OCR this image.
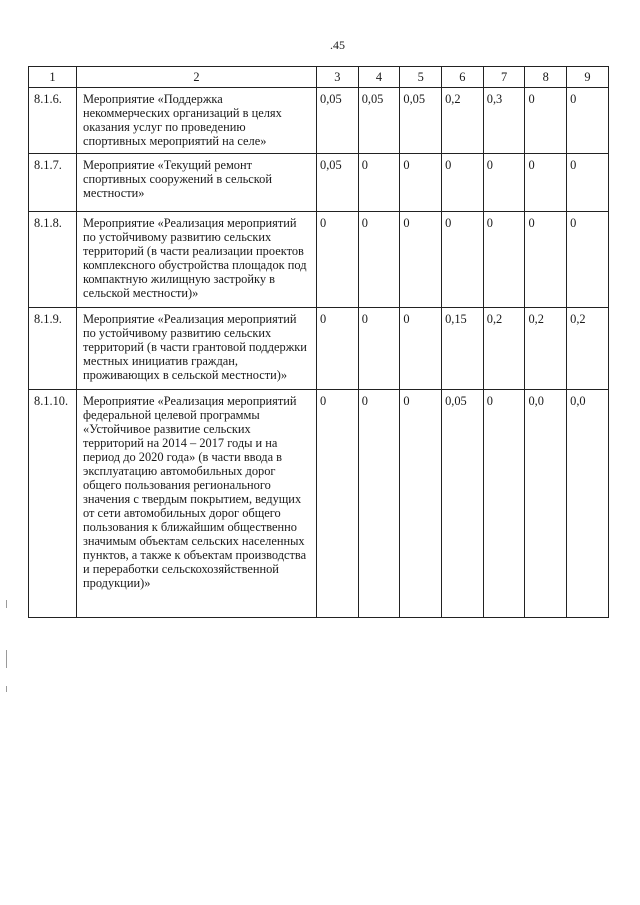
.45
1	2	3	4	5	6	7	8	9
8.1.6.	Мероприятие «Поддержка некоммерческих организаций в целях оказания услуг по проведению спортивных мероприятий на селе»	0,05	0,05	0,05	0,2	0,3	0	0
8.1.7.	Мероприятие «Текущий ремонт спортивных сооружений в сельской местности»	0,05	0	0	0	0	0	0
8.1.8.	Мероприятие «Реализация мероприятий по устойчивому развитию сельских территорий (в части реализации проектов комплексного обустройства площадок под компактную жилищную застройку в сельской местности)»	0	0	0	0	0	0	0
8.1.9.	Мероприятие «Реализация мероприятий по устойчивому развитию сельских территорий (в части грантовой поддержки местных инициатив граждан, проживающих в сельской местности)»	0	0	0	0,15	0,2	0,2	0,2
8.1.10.	Мероприятие «Реализация мероприятий федеральной целевой программы «Устойчивое развитие сельских территорий на 2014 – 2017 годы и на период до 2020 года» (в части ввода в эксплуатацию автомобильных дорог общего пользования регионального значения с твердым покрытием, ведущих от сети автомобильных дорог общего пользования к ближайшим общественно значимым объектам сельских населенных пунктов, а также к объектам производства и переработки сельскохозяйственной продукции)»	0	0	0	0,05	0	0,0	0,0
